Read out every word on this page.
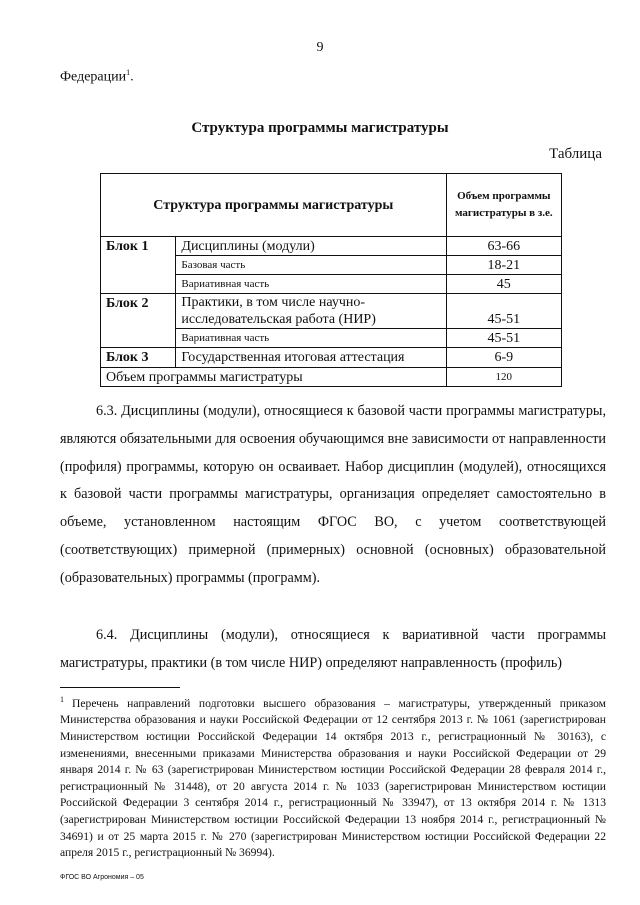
9
Федерации$^1$.
Структура программы магистратуры
Таблица
Структура программы магистратуры		Объем программы магистратуры в з.е.
Блок 1	Дисциплины (модули)	63-66
	Базовая часть	18-21
	Вариативная часть	45
Блок 2	Практики, в том числе научно-исследовательская работа (НИР)	45-51
	Вариативная часть	45-51
Блок 3	Государственная итоговая аттестация	6-9
Объем программы магистратуры		120

6.3. Дисциплины (модули), относящиеся к базовой части программы магистратуры, являются обязательными для освоения обучающимся вне зависимости от направленности (профиля) программы, которую он осваивает. Набор дисциплин (модулей), относящихся к базовой части программы магистратуры, организация определяет самостоятельно в объеме, установленном настоящим ФГОС ВО, с учетом соответствующей (соответствующих) примерной (примерных) основной (основных) образовательной (образовательных) программы (программ).

6.4. Дисциплины (модули), относящиеся к вариативной части программы магистратуры, практики (в том числе НИР) определяют направленность (профиль)

$^1$ Перечень направлений подготовки высшего образования – магистратуры, утвержденный приказом Министерства образования и науки Российской Федерации от 12 сентября 2013 г. № 1061 (зарегистрирован Министерством юстиции Российской Федерации 14 октября 2013 г., регистрационный № 30163), с изменениями, внесенными приказами Министерства образования и науки Российской Федерации от 29 января 2014 г. № 63 (зарегистрирован Министерством юстиции Российской Федерации 28 февраля 2014 г., регистрационный № 31448), от 20 августа 2014 г. № 1033 (зарегистрирован Министерством юстиции Российской Федерации 3 сентября 2014 г., регистрационный № 33947), от 13 октября 2014 г. № 1313 (зарегистрирован Министерством юстиции Российской Федерации 13 ноября 2014 г., регистрационный № 34691) и от 25 марта 2015 г. № 270 (зарегистрирован Министерством юстиции Российской Федерации 22 апреля 2015 г., регистрационный № 36994).
ФГОС ВО Агрономия – 05
